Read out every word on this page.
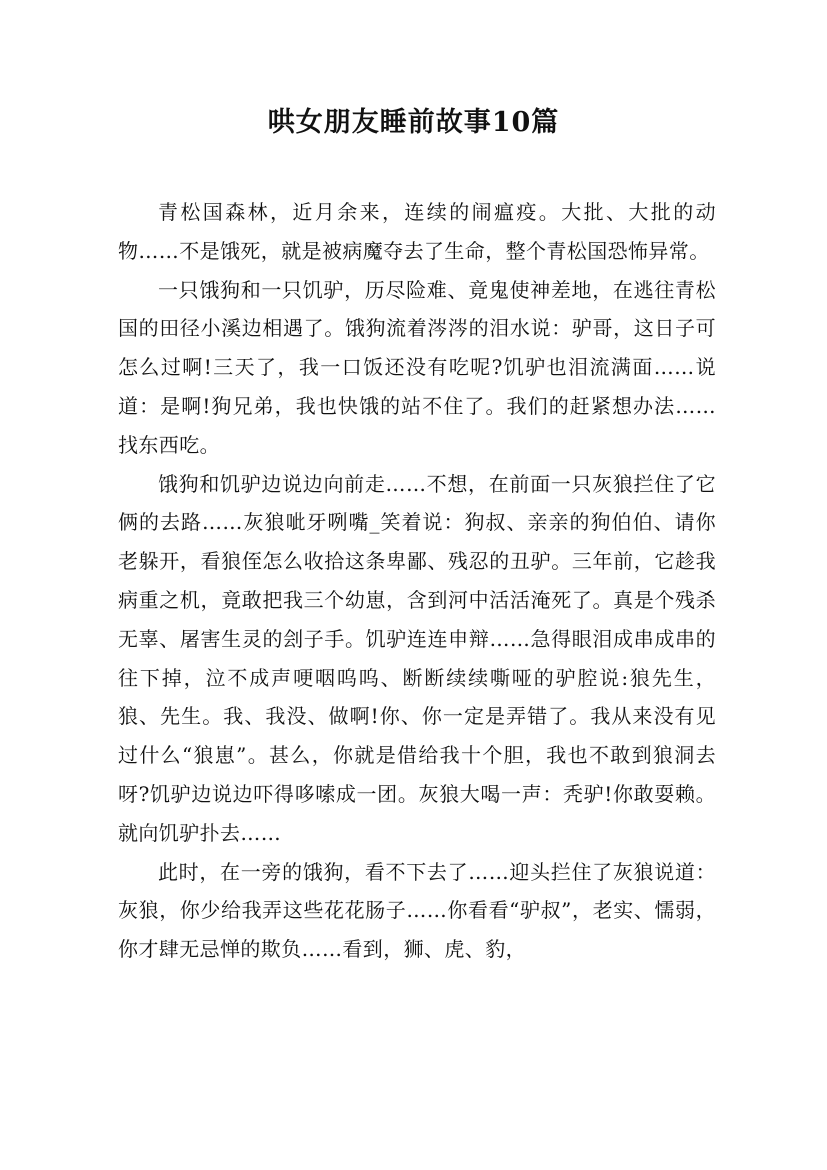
哄女朋友睡前故事10篇

青松国森林，近月余来，连续的闹瘟疫。大批、大批的动物……不是饿死，就是被病魔夺去了生命，整个青松国恐怖异常。

一只饿狗和一只饥驴，历尽险难、竟鬼使神差地，在逃往青松国的田径小溪边相遇了。饿狗流着涔涔的泪水说：驴哥，这日子可怎么过啊!三天了，我一口饭还没有吃呢?饥驴也泪流满面……说道：是啊!狗兄弟，我也快饿的站不住了。我们的赶紧想办法……找东西吃。

饿狗和饥驴边说边向前走……不想，在前面一只灰狼拦住了它俩的去路……灰狼呲牙咧嘴_笑着说：狗叔、亲亲的狗伯伯、请你老躲开，看狼侄怎么收拾这条卑鄙、残忍的丑驴。三年前，它趁我病重之机，竟敢把我三个幼崽，含到河中活活淹死了。真是个残杀无辜、屠害生灵的刽子手。饥驴连连申辩……急得眼泪成串成串的往下掉，泣不成声哽咽呜呜、断断续续嘶哑的驴腔说:狼先生，狼、先生。我、我没、做啊!你、你一定是弄错了。我从来没有见过什么“狼崽”。甚么，你就是借给我十个胆，我也不敢到狼洞去呀?饥驴边说边吓得哆嗦成一团。灰狼大喝一声：秃驴!你敢耍赖。就向饥驴扑去……

此时，在一旁的饿狗，看不下去了……迎头拦住了灰狼说道：灰狼，你少给我弄这些花花肠子……你看看“驴叔”，老实、懦弱，你才肆无忌惮的欺负……看到，狮、虎、豹，
